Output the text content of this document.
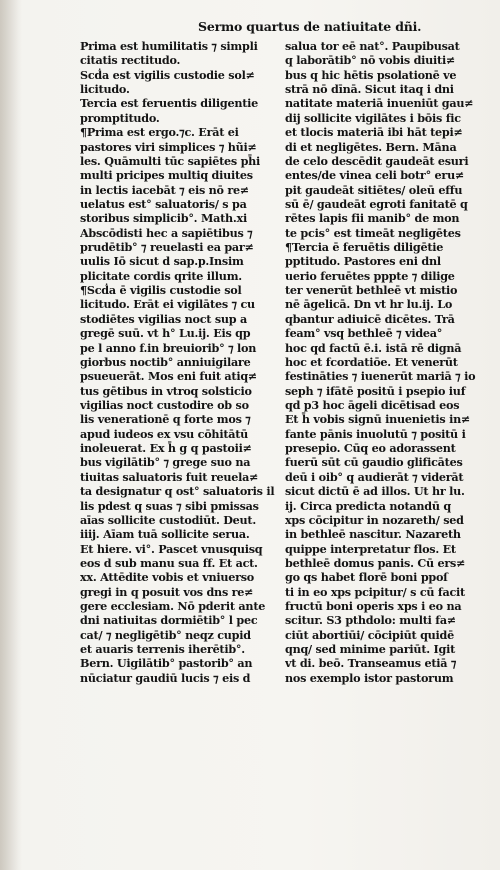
Sermo quartus de natiuitate dñi.
Prima est humilitatis ⁊ simpli
citatis rectitudo.
Scḋa est vigilis custodie sol≠
licitudo.
Tercia est feruentis diligentie
promptitudo.
¶Prima est ergo.⁊c. Erāt ei
pastores viri simplices ⁊ hũi≠
les. Quāmulti tūc sapiētes ph̄i
multi pricipes multiq diuites
in lectis iacebāt ⁊ eis nō re≠
uelatus est° saluatoris/ s pa
storibus simplicib°. Math.xi
Abscōdisti hec a sapiētibus ⁊
prudētib° ⁊ reuelasti ea par≠
uulis Iō sicut d sap.p.Insim
plicitate cordis qrite illum.
¶Scḋa ē vigilis custodie sol
licitudo. Erāt ei vigilātes ⁊ cu
stodiētes vigilias noct sup a
gregē suū. vt h° Lu.ij. Eis qp
pe l anno f.in breuiorib° ⁊ lon
giorbus noctib° anniuigilare
psueuerāt. Mos eni fuit atiq≠
tus gētibus in vtroq solsticio
vigilias noct custodire ob so
lis venerationē q forte mos ⁊
apud iudeos ex vsu cōhitātū
inoleuerat. Ex h̄ g q pastoii≠
bus vigilātib° ⁊ grege suo na
tiuitas saluatoris fuit reuela≠
ta designatur q ost° saluatoris il
lis pdest q suas ⁊ sibi pmissas
aīas sollicite custodiūt. Deut.
iiij. Aīam tuā sollicite serua.
Et hiere. vi°. Pascet vnusquisq
eos d sub manu sua ff. Et act.
xx. Attēdite vobis et vniuerso
gregi in q posuit vos dns re≠
gere ecclesiam. Nō pderit ante
dni natiuitas dormiētib° l pec
cat/ ⁊ negligētib° neqz cupid
et auaris terrenis iherētib°.
Bern. Uigilātib° pastorib° an
nūciatur gaudiū lucis ⁊ eis d
salua tor eē nat°. Paupibusat
q laborātib° nō vobis diuiti≠
bus q hic hētis psolationē ve
strā nō dīnā. Sicut itaq i dni
natitate materiā inueniūt gau≠
dij sollicite vigilātes i bōis fic
et tlocis materiā ibi hāt tepi≠
di et negligētes. Bern. Māna
de celo descēdit gaudeāt esuri
entes/de vinea celi botr° eru≠
pit gaudeāt sitiētes/ oleū effu
sū ē/ gaudeāt egroti fanitatē q
rētes lapis fii manib° de mon
te pcis° est timeāt negligētes
¶Tercia ē feruētis diligētie
pptitudo. Pastores eni dnl
uerio feruētes pppte ⁊ dilige
ter venerūt bethleē vt mistio
nē āgelicā. Dn vt hr lu.ij. Lo
qbantur adiuicē dicētes. Trā
feam° vsq bethleē ⁊ videa°
hoc qd factū ē.i. istā rē dignā
hoc et fcordatiōe. Et venerūt
festināties ⁊ iuenerūt mariā ⁊ io
seph ⁊ ifātē positū i psepio iuf
qd p3 hoc āgeli dicētisad eos
Et h̄ vobis signū inuenietis in≠
fante pānis inuolutū ⁊ positū i
presepio. Cūq eo adorassent
fuerū sūt cū gaudio glificātes
deū i oib° q audierāt ⁊ viderāt
sicut dictū ē ad illos. Ut hr lu.
ij. Circa predicta notandū q
xps cōcipitur in nozareth/ sed
in bethleē nascitur. Nazareth
quippe interpretatur flos. Et
bethleē domus panis. Cū ers≠
go qs habet florē boni ppoſ
ti in eo xps pcipitur/ s cū facit
fructū boni operis xps i eo na
scitur. S3 pthdolo: multi fa≠
ciūt abortiūi/ cōcipiūt quidē
qnq/ sed minime pariūt. Igit
vt di. beō. Transeamus etiā ⁊
nos exemplo istor pastorum
